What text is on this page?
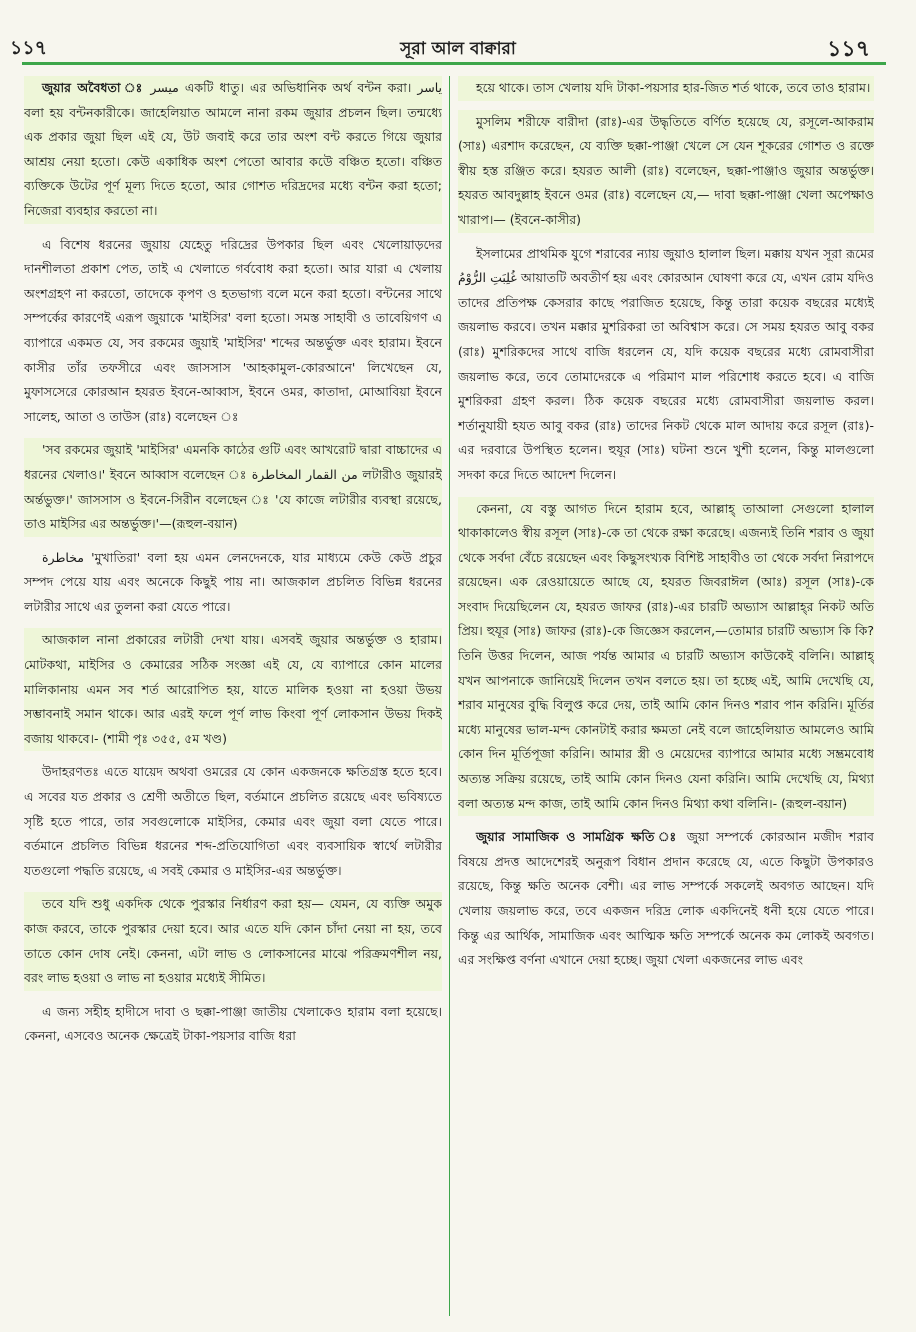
১১৭	সূরা আল বাক্বারা	১১৭

জুয়ার অবৈধতা ঃ ميسر একটি ধাতু। এর অভিধানিক অর্থ বন্টন করা। ياسر বলা হয় বন্টনকারীকে। জাহেলিয়াত আমলে নানা রকম জুয়ার প্রচলন ছিল। তন্মধ্যে এক প্রকার জুয়া ছিল এই যে, উট জবাই করে তার অংশ বন্ট করতে গিয়ে জুয়ার আশ্রয় নেয়া হতো। কেউ একাধিক অংশ পেতো আবার কউে বঞ্চিত হতো। বঞ্চিত ব্যক্তিকে উটের পূর্ণ মূল্য দিতে হতো, আর গোশত দরিদ্রদের মধ্যে বন্টন করা হতো; নিজেরা ব্যবহার করতো না।

এ বিশেষ ধরনের জুয়ায় যেহেতু দরিদ্রের উপকার ছিল এবং খেলোয়াড়দের দানশীলতা প্রকাশ পেত, তাই এ খেলাতে গর্ববোধ করা হতো। আর যারা এ খেলায় অংশগ্রহণ না করতো, তাদেকে কৃপণ ও হতভাগ্য বলে মনে করা হতো। বন্টনের সাথে সম্পর্কের কারণেই এরূপ জুয়াকে 'মাইসির' বলা হতো। সমস্ত সাহাবী ও তাবেয়িগণ এ ব্যাপারে একমত যে, সব রকমের জুয়াই 'মাইসির' শব্দের অন্তর্ভুক্ত এবং হারাম। ইবনে কাসীর তাঁর তফসীরে এবং জাসসাস 'আহকামুল-কোরআনে' লিখেছেন যে, মুফাসসেরে কোরআন হযরত ইবনে-আব্বাস, ইবনে ওমর, কাতাদা, মোআবিয়া ইবনে সালেহ, আতা ও তাউস (রাঃ) বলেছেন ঃ

'সব রকমের জুয়াই 'মাইসির' এমনকি কাঠের গুটি এবং আখরোট দ্বারা বাচ্চাদের এ ধরনের খেলাও।' ইবনে আব্বাস বলেছেন ঃ من القمار المخاطرة লটারীও জুয়ারই অর্ন্তভুক্ত।' জাসসাস ও ইবনে-সিরীন বলেছেন ঃ 'যে কাজে লটারীর ব্যবস্থা রয়েছে, তাও মাইসির এর অন্তর্ভুক্ত।'—(রূহুল-বয়ান)

مخاطرة 'মুখাতিরা' বলা হয় এমন লেনদেনকে, যার মাধ্যমে কেউ কেউ প্রচুর সম্পদ পেয়ে যায় এবং অনেকে কিছুই পায় না। আজকাল প্রচলিত বিভিন্ন ধরনের লটারীর সাথে এর তুলনা করা যেতে পারে।

আজকাল নানা প্রকারের লটারী দেখা যায়। এসবই জুয়ার অন্তর্ভুক্ত ও হারাম। মোটকথা, মাইসির ও কেমারের সঠিক সংজ্ঞা এই যে, যে ব্যাপারে কোন মালের মালিকানায় এমন সব শর্ত আরোপিত হয়, যাতে মালিক হওয়া না হওয়া উভয় সম্ভাবনাই সমান থাকে। আর এরই ফলে পূর্ণ লাভ কিংবা পূর্ণ লোকসান উভয় দিকই বজায় থাকবে।- (শামী পৃঃ ৩৫৫, ৫ম খণ্ড)

উদাহরণতঃ এতে যায়েদ অথবা ওমরের যে কোন একজনকে ক্ষতিগ্রস্ত হতে হবে। এ সবের যত প্রকার ও শ্রেণী অতীতে ছিল, বর্তমানে প্রচলিত রয়েছে এবং ভবিষ্যতে সৃষ্টি হতে পারে, তার সবগুলোকে মাইসির, কেমার এবং জুয়া বলা যেতে পারে। বর্তমানে প্রচলিত বিভিন্ন ধরনের শব্দ-প্রতিযোগিতা এবং ব্যবসায়িক স্বার্থে লটারীর যতগুলো পদ্ধতি রয়েছে, এ সবই কেমার ও মাইসির-এর অন্তর্ভুক্ত।

তবে যদি শুধু একদিক থেকে পুরস্কার নির্ধারণ করা হয়— যেমন, যে ব্যক্তি অমুক কাজ করবে, তাকে পুরস্কার দেয়া হবে। আর এতে যদি কোন চাঁদা নেয়া না হয়, তবে তাতে কোন দোষ নেই। কেননা, এটা লাভ ও লোকসানের মাঝে পরিক্রমণশীল নয়, বরং লাভ হওয়া ও লাভ না হওয়ার মধ্যেই সীমিত।

এ জন্য সহীহ হাদীসে দাবা ও ছক্কা-পাঞ্জা জাতীয় খেলাকেও হারাম বলা হয়েছে। কেননা, এসবেও অনেক ক্ষেত্রেই টাকা-পয়সার বাজি ধরা

হয়ে থাকে। তাস খেলায় যদি টাকা-পয়সার হার-জিত শর্ত থাকে, তবে তাও হারাম।

মুসলিম শরীফে বারীদা (রাঃ)-এর উদ্ধৃতিতে বর্ণিত হয়েছে যে, রসূলে-আকরাম (সাঃ) এরশাদ করেছেন, যে ব্যক্তি ছক্কা-পাঞ্জা খেলে সে যেন শূকরের গোশত ও রক্তে স্বীয় হস্ত রঞ্জিত করে। হযরত আলী (রাঃ) বলেছেন, ছক্কা-পাঞ্জাও জুয়ার অন্তর্ভুক্ত। হযরত আবদুল্লাহ ইবনে ওমর (রাঃ) বলেছেন যে,— দাবা ছক্কা-পাঞ্জা খেলা অপেক্ষাও খারাপ।— (ইবনে-কাসীর)

ইসলামের প্রাথমিক যুগে শরাবের ন্যায় জুয়াও হালাল ছিল। মক্কায় যখন সূরা রূমের غُلِبَتِ الرُّوْمُ আয়াতটি অবতীর্ণ হয় এবং কোরআন ঘোষণা করে যে, এখন রোম যদিও তাদের প্রতিপক্ষ কেসরার কাছে পরাজিত হয়েছে, কিন্তু তারা কয়েক বছরের মধ্যেই জয়লাভ করবে। তখন মক্কার মুশরিকরা তা অবিশ্বাস করে। সে সময় হযরত আবু বকর (রাঃ) মুশরিকদের সাথে বাজি ধরলেন যে, যদি কয়েক বছরের মধ্যে রোমবাসীরা জয়লাভ করে, তবে তোমাদেরকে এ পরিমাণ মাল পরিশোধ করতে হবে। এ বাজি মুশরিকরা গ্রহণ করল। ঠিক কয়েক বছরের মধ্যে রোমবাসীরা জয়লাভ করল। শর্তানুযায়ী হযত আবু বকর (রাঃ) তাদের নিকট থেকে মাল আদায় করে রসূল (রাঃ)-এর দরবারে উপস্থিত হলেন। হুযূর (সাঃ) ঘটনা শুনে খুশী হলেন, কিন্তু মালগুলো সদকা করে দিতে আদেশ দিলেন।

কেননা, যে বস্তু আগত দিনে হারাম হবে, আল্লাহ্ তাআলা সেগুলো হালাল থাকাকালেও স্বীয় রসূল (সাঃ)-কে তা থেকে রক্ষা করেছে। এজন্যই তিনি শরাব ও জুয়া থেকে সর্বদা বেঁচে রয়েছেন এবং কিছুসংখ্যক বিশিষ্ট সাহাবীও তা থেকে সর্বদা নিরাপদে রয়েছেন। এক রেওয়ায়েতে আছে যে, হযরত জিবরাঈল (আঃ) রসূল (সাঃ)-কে সংবাদ দিয়েছিলেন যে, হযরত জাফর (রাঃ)-এর চারটি অভ্যাস আল্লাহ্‌র নিকট অতি প্রিয়। হুযূর (সাঃ) জাফর (রাঃ)-কে জিজ্ঞেস করলেন,—তোমার চারটি অভ্যাস কি কি? তিনি উত্তর দিলেন, আজ পর্যন্ত আমার এ চারটি অভ্যাস কাউকেই বলিনি। আল্লাহ্ যখন আপনাকে জানিয়েই দিলেন তখন বলতে হয়। তা হচ্ছে এই, আমি দেখেছি যে, শরাব মানুষের বুদ্ধি বিলুপ্ত করে দেয়, তাই আমি কোন দিনও শরাব পান করিনি। মূর্তির মধ্যে মানুষের ভাল-মন্দ কোনটাই করার ক্ষমতা নেই বলে জাহেলিয়াত আমলেও আমি কোন দিন মূর্তিপূজা করিনি। আমার স্ত্রী ও মেয়েদের ব্যাপারে আমার মধ্যে সম্ভ্রমবোধ অত্যন্ত সক্রিয় রয়েছে, তাই আমি কোন দিনও যেনা করিনি। আমি দেখেছি যে, মিথ্যা বলা অত্যন্ত মন্দ কাজ, তাই আমি কোন দিনও মিথ্যা কথা বলিনি।- (রূহুল-বয়ান)

জুয়ার সামাজিক ও সামগ্রিক ক্ষতি ঃ জুয়া সম্পর্কে কোরআন মজীদ শরাব বিষয়ে প্রদত্ত আদেশেরই অনুরূপ বিধান প্রদান করেছে যে, এতে কিছুটা উপকারও রয়েছে, কিন্তু ক্ষতি অনেক বেশী। এর লাভ সম্পর্কে সকলেই অবগত আছেন। যদি খেলায় জয়লাভ করে, তবে একজন দরিদ্র লোক একদিনেই ধনী হয়ে যেতে পারে। কিন্তু এর আর্থিক, সামাজিক এবং আত্মিক ক্ষতি সম্পর্কে অনেক কম লোকই অবগত। এর সংক্ষিপ্ত বর্ণনা এখানে দেয়া হচ্ছে। জুয়া খেলা একজনের লাভ এবং
